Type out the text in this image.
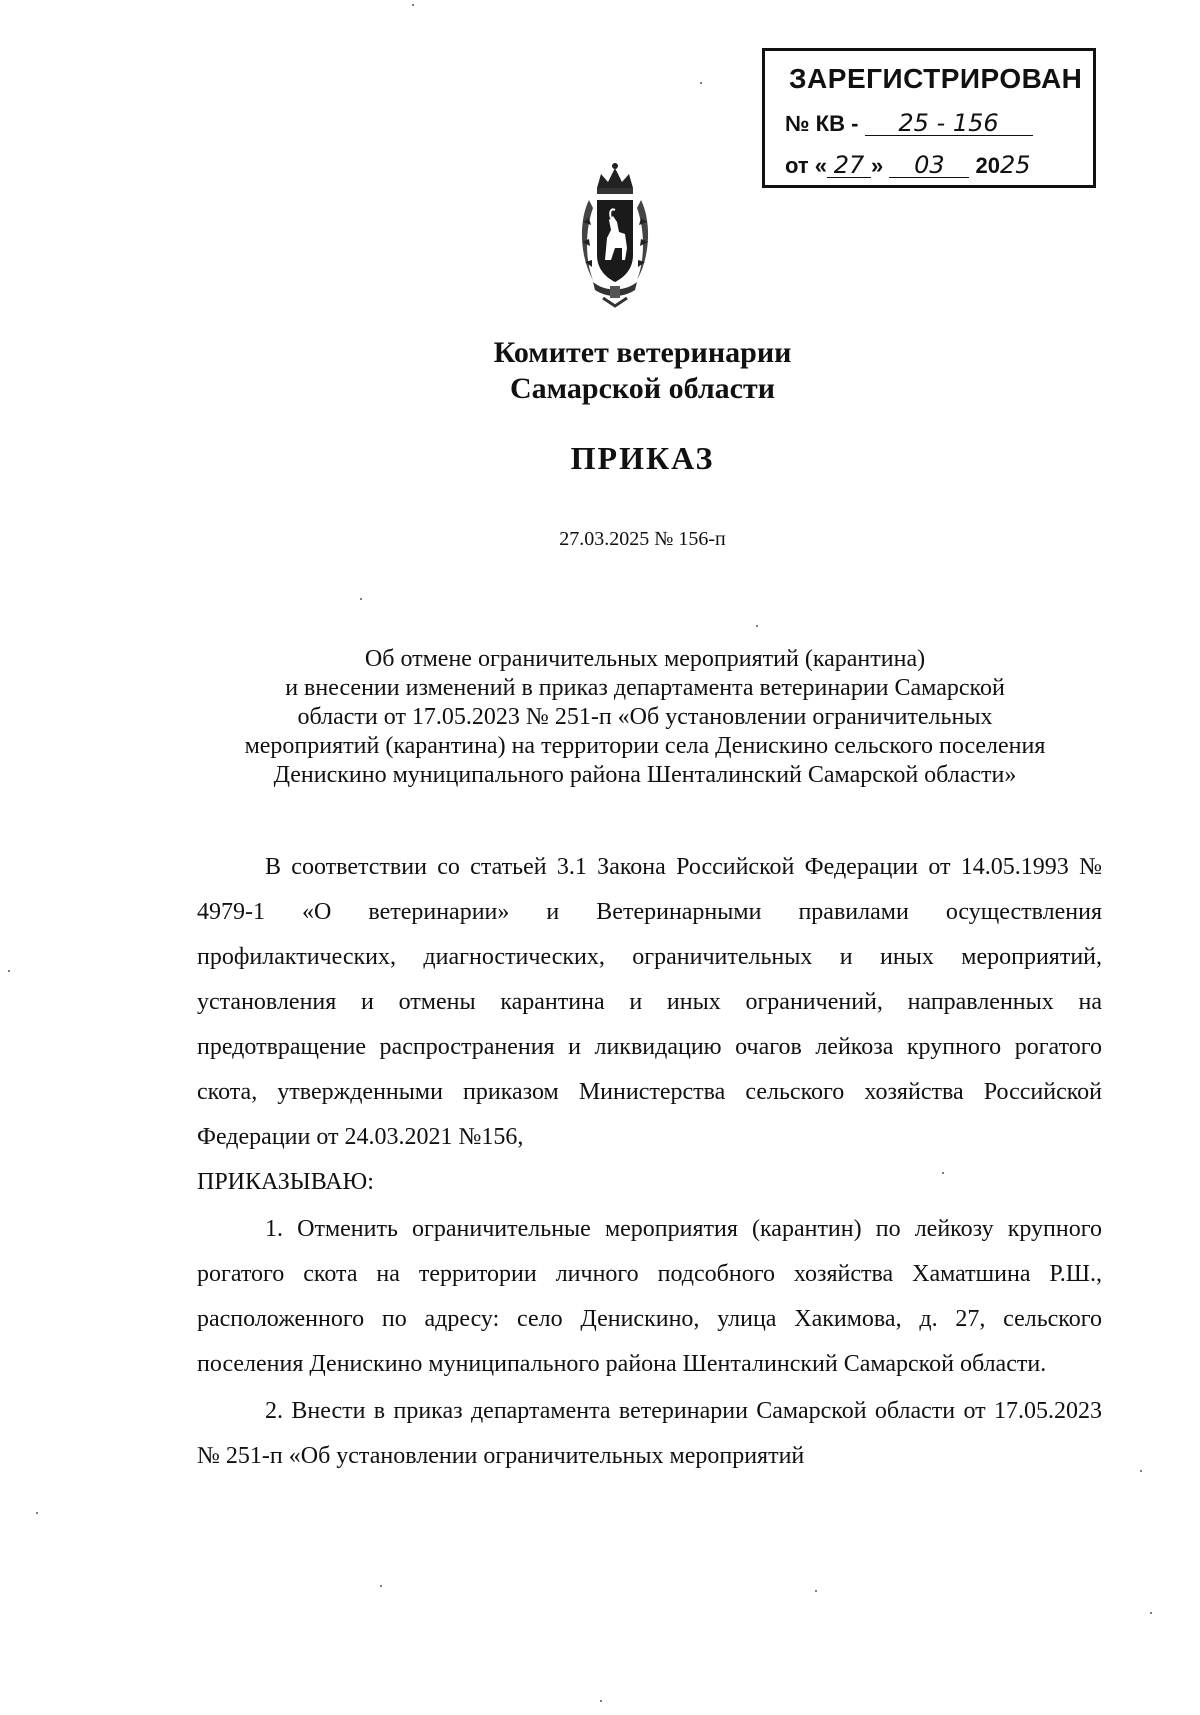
ЗАРЕГИСТРИРОВАН
№ КВ - 25 - 156
от « 27 » 03 2025
Комитет ветеринарии
Самарской области
ПРИКАЗ
27.03.2025 № 156-п
Об отмене ограничительных мероприятий (карантина)
и внесении изменений в приказ департамента ветеринарии Самарской
области от 17.05.2023 № 251-п «Об установлении ограничительных
мероприятий (карантина) на территории села Денискино сельского поселения
Денискино муниципального района Шенталинский Самарской области»

В соответствии со статьей 3.1 Закона Российской Федерации от 14.05.1993 № 4979-1 «О ветеринарии» и Ветеринарными правилами осуществления профилактических, диагностических, ограничительных и иных мероприятий, установления и отмены карантина и иных ограничений, направленных на предотвращение распространения и ликвидацию очагов лейкоза крупного рогатого скота, утвержденными приказом Министерства сельского хозяйства Российской Федерации от 24.03.2021 №156,

ПРИКАЗЫВАЮ:

1. Отменить ограничительные мероприятия (карантин) по лейкозу крупного рогатого скота на территории личного подсобного хозяйства Хаматшина Р.Ш., расположенного по адресу: село Денискино, улица Хакимова, д. 27, сельского поселения Денискино муниципального района Шенталинский Самарской области.

2. Внести в приказ департамента ветеринарии Самарской области от 17.05.2023 № 251-п «Об установлении ограничительных мероприятий
